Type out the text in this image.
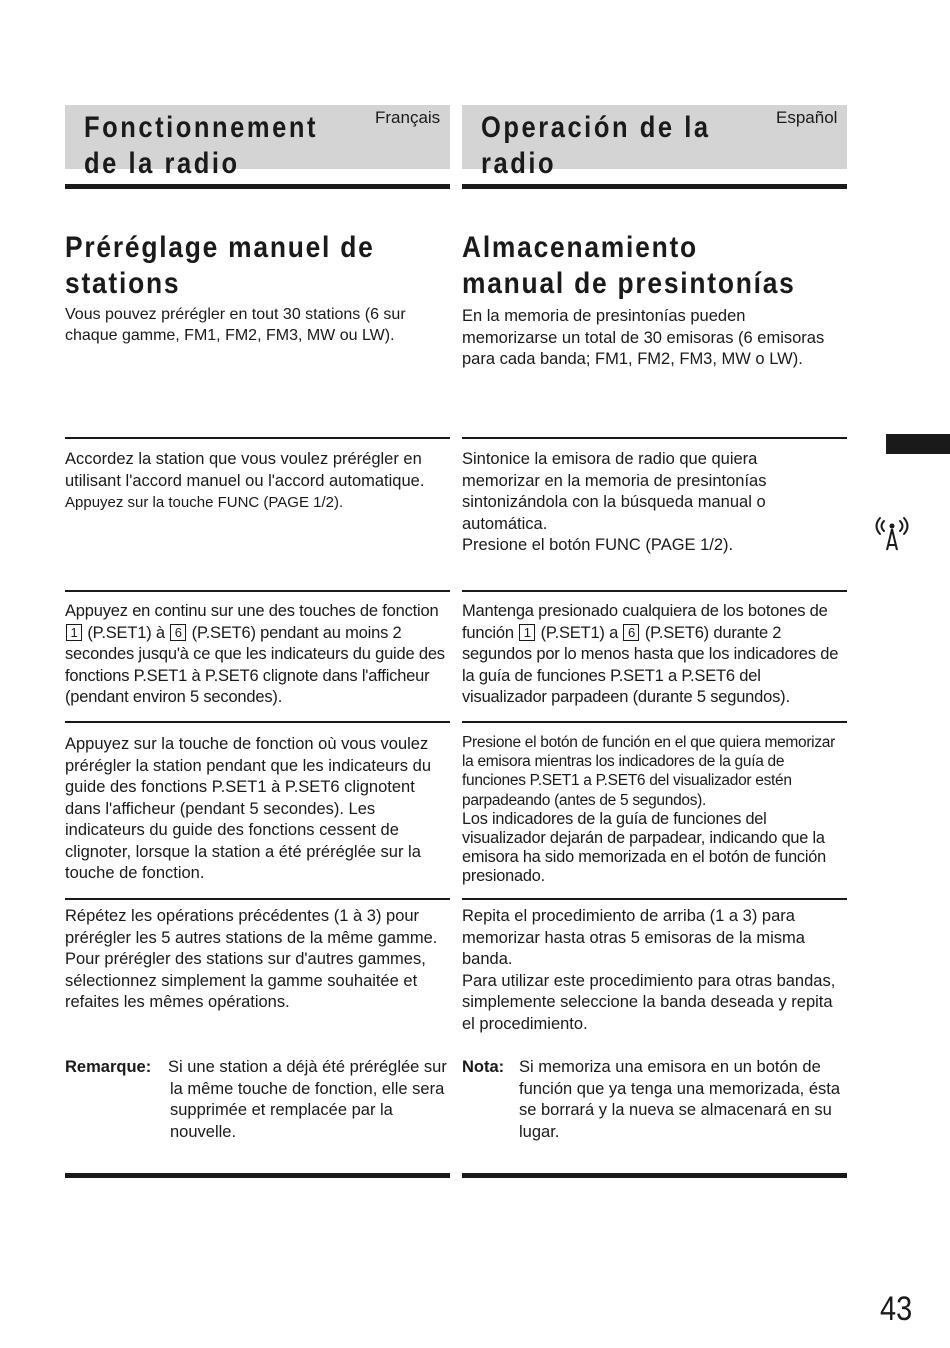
Fonctionnement
de la radio
Français
Préréglage manuel de
stations
Vous pouvez prérégler en tout 30 stations (6 sur chaque gamme, FM1, FM2, FM3, MW ou LW).
Accordez la station que vous voulez prérégler en utilisant l'accord manuel ou l'accord automatique.
Appuyez sur la touche FUNC (PAGE 1/2).
Appuyez en continu sur une des touches de fonction 1 (P.SET1) à 6 (P.SET6) pendant au moins 2 secondes jusqu'à ce que les indicateurs du guide des fonctions P.SET1 à P.SET6 clignote dans l'afficheur (pendant environ 5 secondes).
Appuyez sur la touche de fonction où vous voulez prérégler la station pendant que les indicateurs du guide des fonctions P.SET1 à P.SET6 clignotent dans l'afficheur (pendant 5 secondes). Les indicateurs du guide des fonctions cessent de clignoter, lorsque la station a été préréglée sur la touche de fonction.
Répétez les opérations précédentes (1 à 3) pour prérégler les 5 autres stations de la même gamme.
Pour prérégler des stations sur d'autres gammes, sélectionnez simplement la gamme souhaitée et refaites les mêmes opérations.
Remarque: Si une station a déjà été préréglée sur la même touche de fonction, elle sera supprimée et remplacée par la nouvelle.
Operación de la
radio
Español
Almacenamiento
manual de presintonías
En la memoria de presintonías pueden memorizarse un total de 30 emisoras (6 emisoras para cada banda; FM1, FM2, FM3, MW o LW).
Sintonice la emisora de radio que quiera memorizar en la memoria de presintonías sintonizándola con la búsqueda manual o automática.
Presione el botón FUNC (PAGE 1/2).
Mantenga presionado cualquiera de los botones de función 1 (P.SET1) a 6 (P.SET6) durante 2 segundos por lo menos hasta que los indicadores de la guía de funciones P.SET1 a P.SET6 del visualizador parpadeen (durante 5 segundos).
Presione el botón de función en el que quiera memorizar la emisora mientras los indicadores de la guía de funciones P.SET1 a P.SET6 del visualizador estén parpadeando (antes de 5 segundos).
Los indicadores de la guía de funciones del visualizador dejarán de parpadear, indicando que la emisora ha sido memorizada en el botón de función presionado.
Repita el procedimiento de arriba (1 a 3) para memorizar hasta otras 5 emisoras de la misma banda.
Para utilizar este procedimiento para otras bandas, simplemente seleccione la banda deseada y repita el procedimiento.
Nota: Si memoriza una emisora en un botón de función que ya tenga una memorizada, ésta se borrará y la nueva se almacenará en su lugar.
43
